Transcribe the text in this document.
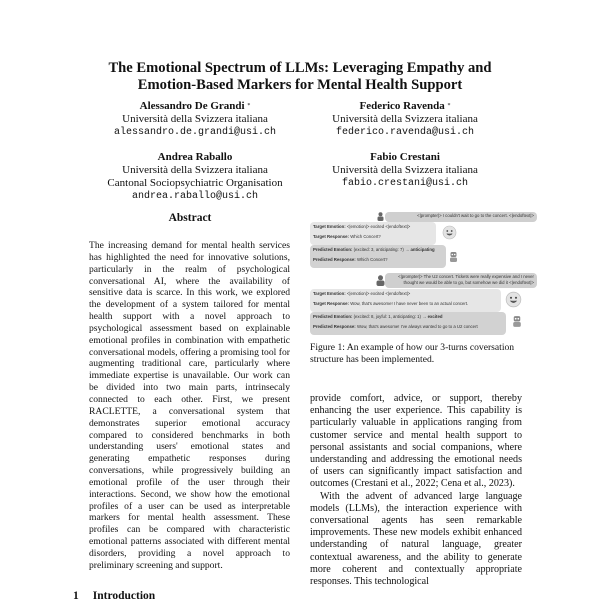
The Emotional Spectrum of LLMs: Leveraging Empathy and
Emotion-Based Markers for Mental Health Support
Alessandro De Grandi *
Università della Svizzera italiana
alessandro.de.grandi@usi.ch
Federico Ravenda *
Università della Svizzera italiana
federico.ravenda@usi.ch
Andrea Raballo
Università della Svizzera italiana
Cantonal Sociopsychiatric Organisation
andrea.raballo@usi.ch
Fabio Crestani
Università della Svizzera italiana
fabio.crestani@usi.ch
Abstract
The increasing demand for mental health services has highlighted the need for innovative solutions, particularly in the realm of psychological conversational AI, where the availability of sensitive data is scarce. In this work, we explored the development of a system tailored for mental health support with a novel approach to psychological assessment based on explainable emotional profiles in combination with empathetic conversational models, offering a promising tool for augmenting traditional care, particularly where immediate expertise is unavailable. Our work can be divided into two main parts, intrinsecaly connected to each other. First, we present RACLETTE, a conversational system that demonstrates superior emotional accuracy compared to considered benchmarks in both understanding users' emotional states and generating empathetic responses during conversations, while progressively building an emotional profile of the user through their interactions. Second, we show how the emotional profiles of a user can be used as interpretable markers for mental health assessment. These profiles can be compared with characteristic emotional patterns associated with different mental disorders, providing a novel approach to preliminary screening and support.
1 Introduction
<|prompter|> I couldn't wait to go to the concert. <|endoftext|>
Target Emotion: <|emotion|> excited <|endoftext|>
Target Response: Which Concert?
Predicted Emotion: (excited: 3, anticipating: 7) → anticipating
Predicted Response: Which Concert?
<|prompter|> The U2 concert. Tickets were really expensive and I never
thought we would be able to go, but somehow we did it <|endoftext|>
Target Emotion: <|emotion|> excited <|endoftext|>
Target Response: Wow, that's awesome! I have never been to an actual concert.
Predicted Emotion: (excited: 8, joyful: 1, anticipating: 1) → excited
Predicted Response: Wow, that's awesome! I've always wanted to go to a U2 concert
Figure 1: An example of how our 3-turns coversation structure has been implemented.

provide comfort, advice, or support, thereby enhancing the user experience. This capability is particularly valuable in applications ranging from customer service and mental health support to personal assistants and social companions, where understanding and addressing the emotional needs of users can significantly impact satisfaction and outcomes (Crestani et al., 2022; Cena et al., 2023).

With the advent of advanced large language models (LLMs), the interaction experience with conversational agents has seen remarkable improvements. These new models exhibit enhanced understanding of natural language, greater contextual awareness, and the ability to generate more coherent and contextually appropriate responses. This technological
